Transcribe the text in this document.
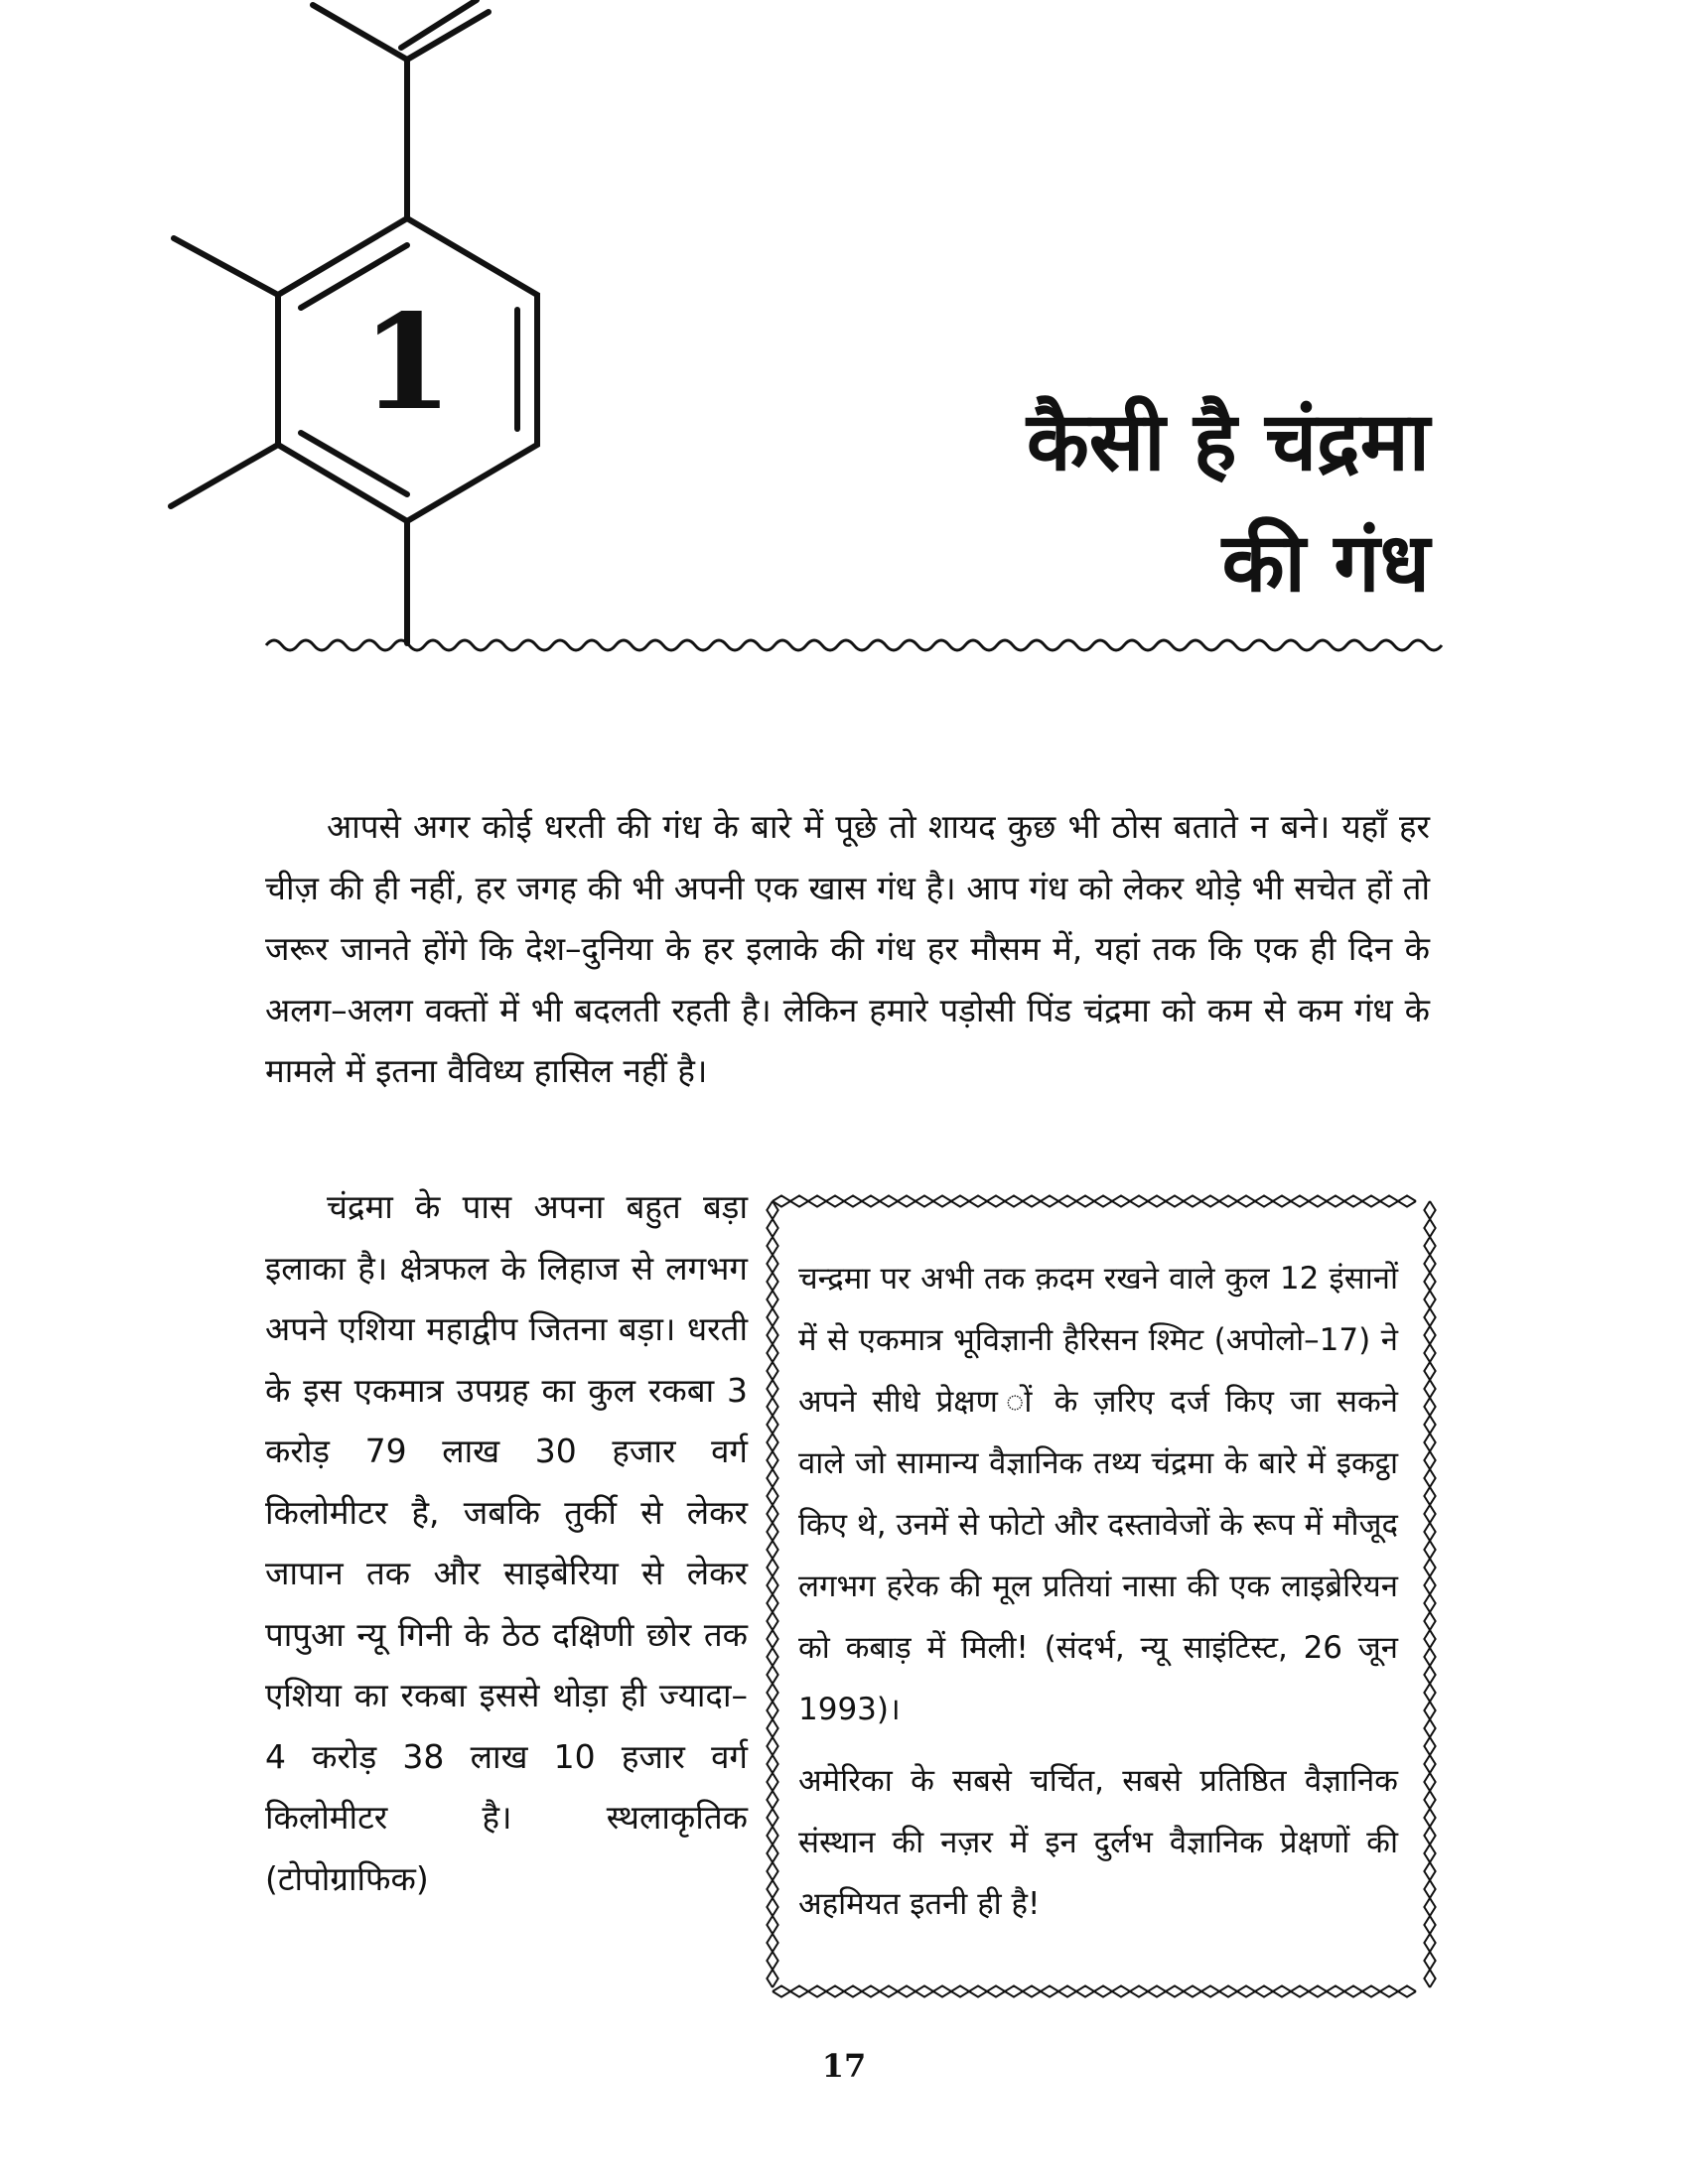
1
कैसी है चंद्रमा
की गंध

आपसे अगर कोई धरती की गंध के बारे में पूछे तो शायद कुछ भी ठोस बताते न बने। यहाँ हर चीज़ की ही नहीं, हर जगह की भी अपनी एक खास गंध है। आप गंध को लेकर थोड़े भी सचेत हों तो जरूर जानते होंगे कि देश–दुनिया के हर इलाके की गंध हर मौसम में, यहां तक कि एक ही दिन के अलग–अलग वक्तों में भी बदलती रहती है। लेकिन हमारे पड़ोसी पिंड चंद्रमा को कम से कम गंध के मामले में इतना वैविध्य हासिल नहीं है।

चंद्रमा के पास अपना बहुत बड़ा इलाका है। क्षेत्रफल के लिहाज से लगभग अपने एशिया महाद्वीप जितना बड़ा। धरती के इस एकमात्र उपग्रह का कुल रकबा 3 करोड़ 79 लाख 30 हजार वर्ग किलोमीटर है, जबकि तुर्की से लेकर जापान तक और साइबेरिया से लेकर पापुआ न्यू गिनी के ठेठ दक्षिणी छोर तक एशिया का रकबा इससे थोड़ा ही ज्यादा– 4 करोड़ 38 लाख 10 हजार वर्ग किलोमीटर है।	स्थलाकृतिक (टोपोग्राफिक)

चन्द्रमा पर अभी तक क़दम रखने वाले कुल 12 इंसानों में से एकमात्र भूविज्ञानी हैरिसन श्मिट (अपोलो–17) ने अपने सीधे प्रेक्षण ों के ज़रिए दर्ज किए जा सकने वाले जो सामान्य वैज्ञानिक तथ्य चंद्रमा के बारे में इकट्ठा किए थे, उनमें से फोटो और दस्तावेजों के रूप में मौजूद लगभग हरेक की मूल प्रतियां नासा की एक लाइब्रेरियन को कबाड़ में मिली! (संदर्भ, न्यू साइंटिस्ट, 26 जून 1993)।

अमेरिका के सबसे चर्चित, सबसे प्रतिष्ठित वैज्ञानिक संस्थान की नज़र में इन दुर्लभ वैज्ञानिक प्रेक्षणों की अहमियत इतनी ही है!

17
